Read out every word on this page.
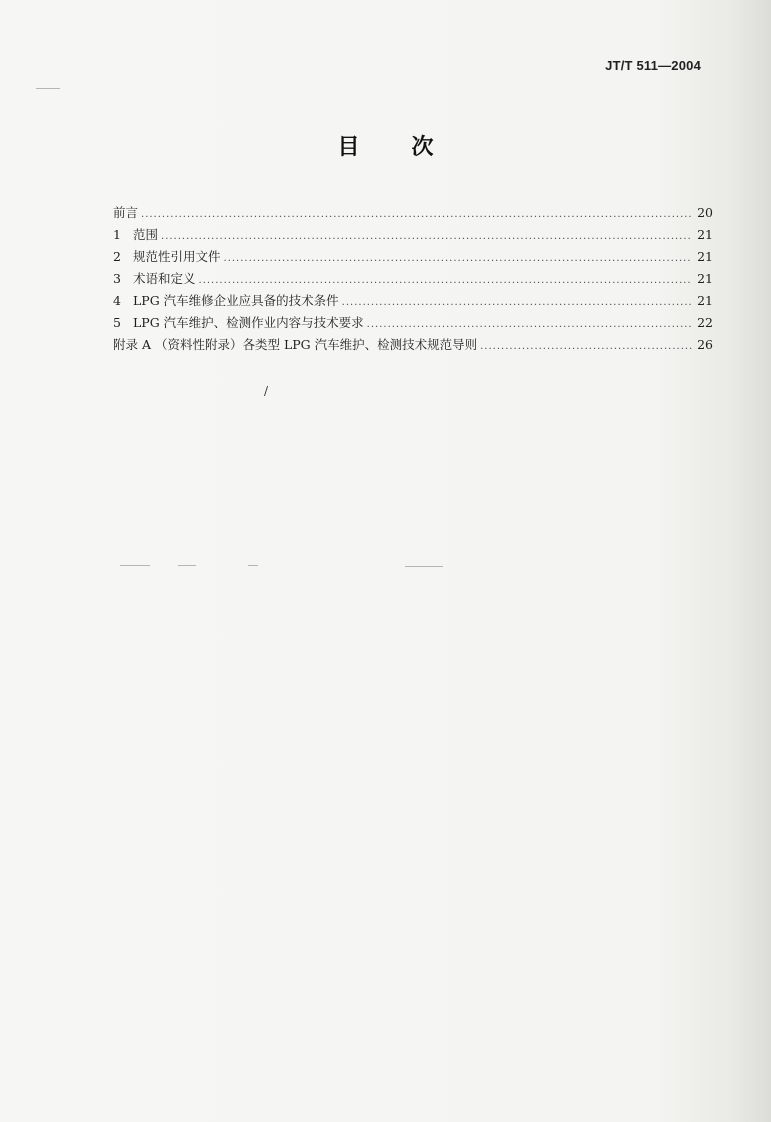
JT/T 511—2004
目次
前言 .....	20
1 范围 .....	21
2 规范性引用文件 .....	21
3 术语和定义 .....	21
4 LPG 汽车维修企业应具备的技术条件 .....	21
5 LPG 汽车维护、检测作业内容与技术要求 .....	22
附录 A （资料性附录）各类型 LPG 汽车维护、检测技术规范导则 .....	26
/
